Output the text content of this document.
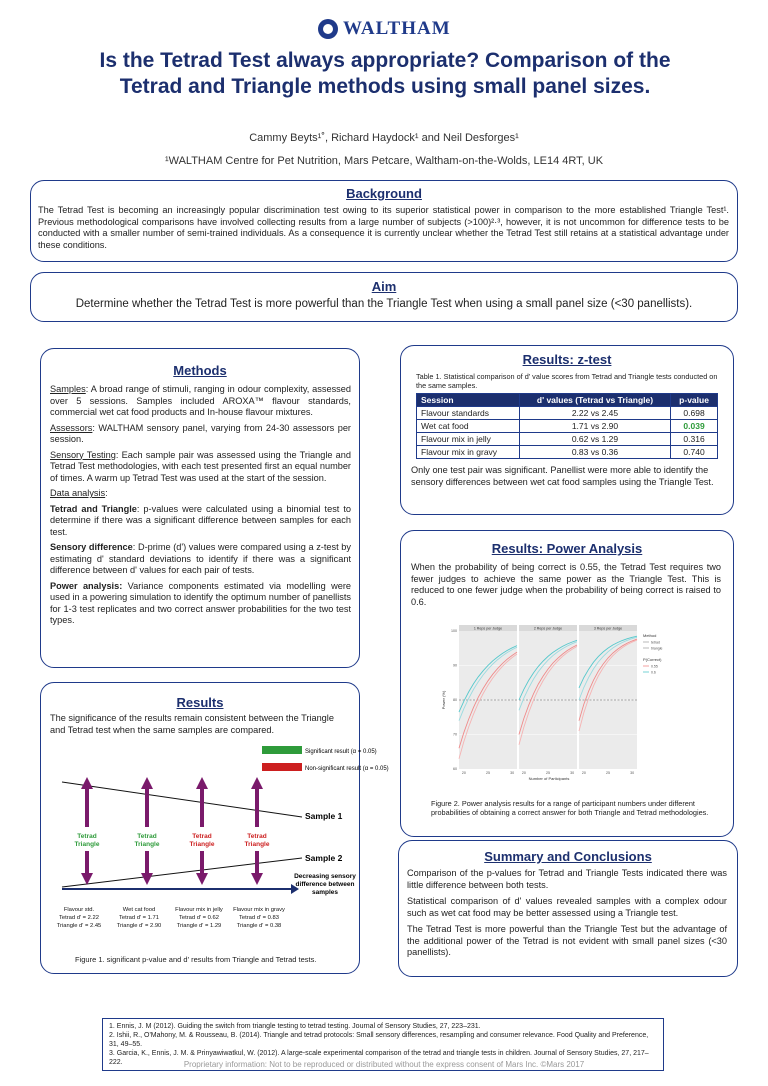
WALTHAM
Is the Tetrad Test always appropriate? Comparison of the Tetrad and Triangle methods using small panel sizes.
Cammy Beyts¹˚, Richard Haydock¹ and Neil Desforges¹
¹WALTHAM Centre for Pet Nutrition, Mars Petcare, Waltham-on-the-Wolds, LE14 4RT, UK
Background
The Tetrad Test is becoming an increasingly popular discrimination test owing to its superior statistical power in comparison to the more established Triangle Test¹. Previous methodological comparisons have involved collecting results from a large number of subjects (>100)²·³, however, it is not uncommon for difference tests to be conducted with a smaller number of semi-trained individuals. As a consequence it is currently unclear whether the Tetrad Test still retains at a statistical advantage under these conditions.
Aim
Determine whether the Tetrad Test is more powerful than the Triangle Test when using a small panel size (<30 panellists).
Methods

Samples: A broad range of stimuli, ranging in odour complexity, assessed over 5 sessions. Samples included AROXA™ flavour standards, commercial wet cat food products and In-house flavour mixtures.

Assessors: WALTHAM sensory panel, varying from 24-30 assessors per session.

Sensory Testing: Each sample pair was assessed using the Triangle and Tetrad Test methodologies, with each test presented first an equal number of times. A warm up Tetrad Test was used at the start of the session.

Data analysis:

Tetrad and Triangle: p-values were calculated using a binomial test to determine if there was a significant difference between samples for each test.

Sensory difference: D-prime (d') values were compared using a z-test by estimating d' standard deviations to identify if there was a significant difference between d' values for each pair of tests.

Power analysis: Variance components estimated via modelling were used in a powering simulation to identify the optimum number of panellists for 1-3 test replicates and two correct answer probabilities for the two test types.

Results
The significance of the results remain consistent between the Triangle and Tetrad test when the same samples are compared.
Significant result (α = 0.05)
Non-significant result (α = 0.05)
Sample 1
Sample 2
Tetrad
Triangle
Tetrad
Triangle
Tetrad
Triangle
Tetrad
Triangle
Decreasing sensory difference between samples
Flavour std.
Tetrad d' = 2.22
Triangle d' = 2.45
Wet cat food
Tetrad d' = 1.71
Triangle d' = 2.90
Flavour mix in jelly
Tetrad d' = 0.62
Triangle d' = 1.29
Flavour mix in gravy
Tetrad d' = 0.83
Triangle d' = 0.38
Figure 1. significant p-value and d' results from Triangle and Tetrad tests.
Results: z-test
Table 1. Statistical comparison of d' value scores from Tetrad and Triangle tests conducted on the same samples.
Session	d' values (Tetrad vs Triangle)	p-value
Flavour standards	2.22 vs 2.45	0.698
Wet cat food	1.71 vs 2.90	0.039
Flavour mix in jelly	0.62 vs 1.29	0.316
Flavour mix in gravy	0.83 vs 0.36	0.740
Only one test pair was significant. Panellist were more able to identify the sensory differences between wet cat food samples using the Triangle Test.
Results: Power Analysis
When the probability of being correct is 0.55, the Tetrad Test requires two fewer judges to achieve the same power as the Triangle Test. This is reduced to one fewer judge when the probability of being correct is raised to 0.6.
1 Reps per Judge
20	25	30
2 Reps per Judge
20	25	30
3 Reps per Judge
20	25	30
60
70
80
90
100
Number of Participants
Power (%)
Method
tetrad
triangle
P(Correct)
0.55
0.6
Figure 2. Power analysis results for a range of participant numbers under different probabilities of obtaining a correct answer for both Triangle and Tetrad methodologies.
Summary and Conclusions

Comparison of the p-values for Tetrad and Triangle Tests indicated there was little difference between both tests.

Statistical comparison of d' values revealed samples with a complex odour such as wet cat food may be better assessed using a Triangle test.

The Tetrad Test is more powerful than the Triangle Test but the advantage of the additional power of the Tetrad is not evident with small panel sizes (<30 panellists).

1. Ennis, J. M (2012). Guiding the switch from triangle testing to tetrad testing. Journal of Sensory Studies, 27, 223–231.
2. Ishii, R., O'Mahony, M. & Rousseau, B. (2014). Triangle and tetrad protocols: Small sensory differences, resampling and consumer relevance. Food Quality and Preference, 31, 49–55.
3. Garcia, K., Ennis, J. M. & Prinyawiwatkul, W. (2012). A large-scale experimental comparison of the tetrad and triangle tests in children. Journal of Sensory Studies, 27, 217–222.	Proprietary information: Not to be reproduced or distributed without the express consent of Mars Inc. ©Mars 2017
